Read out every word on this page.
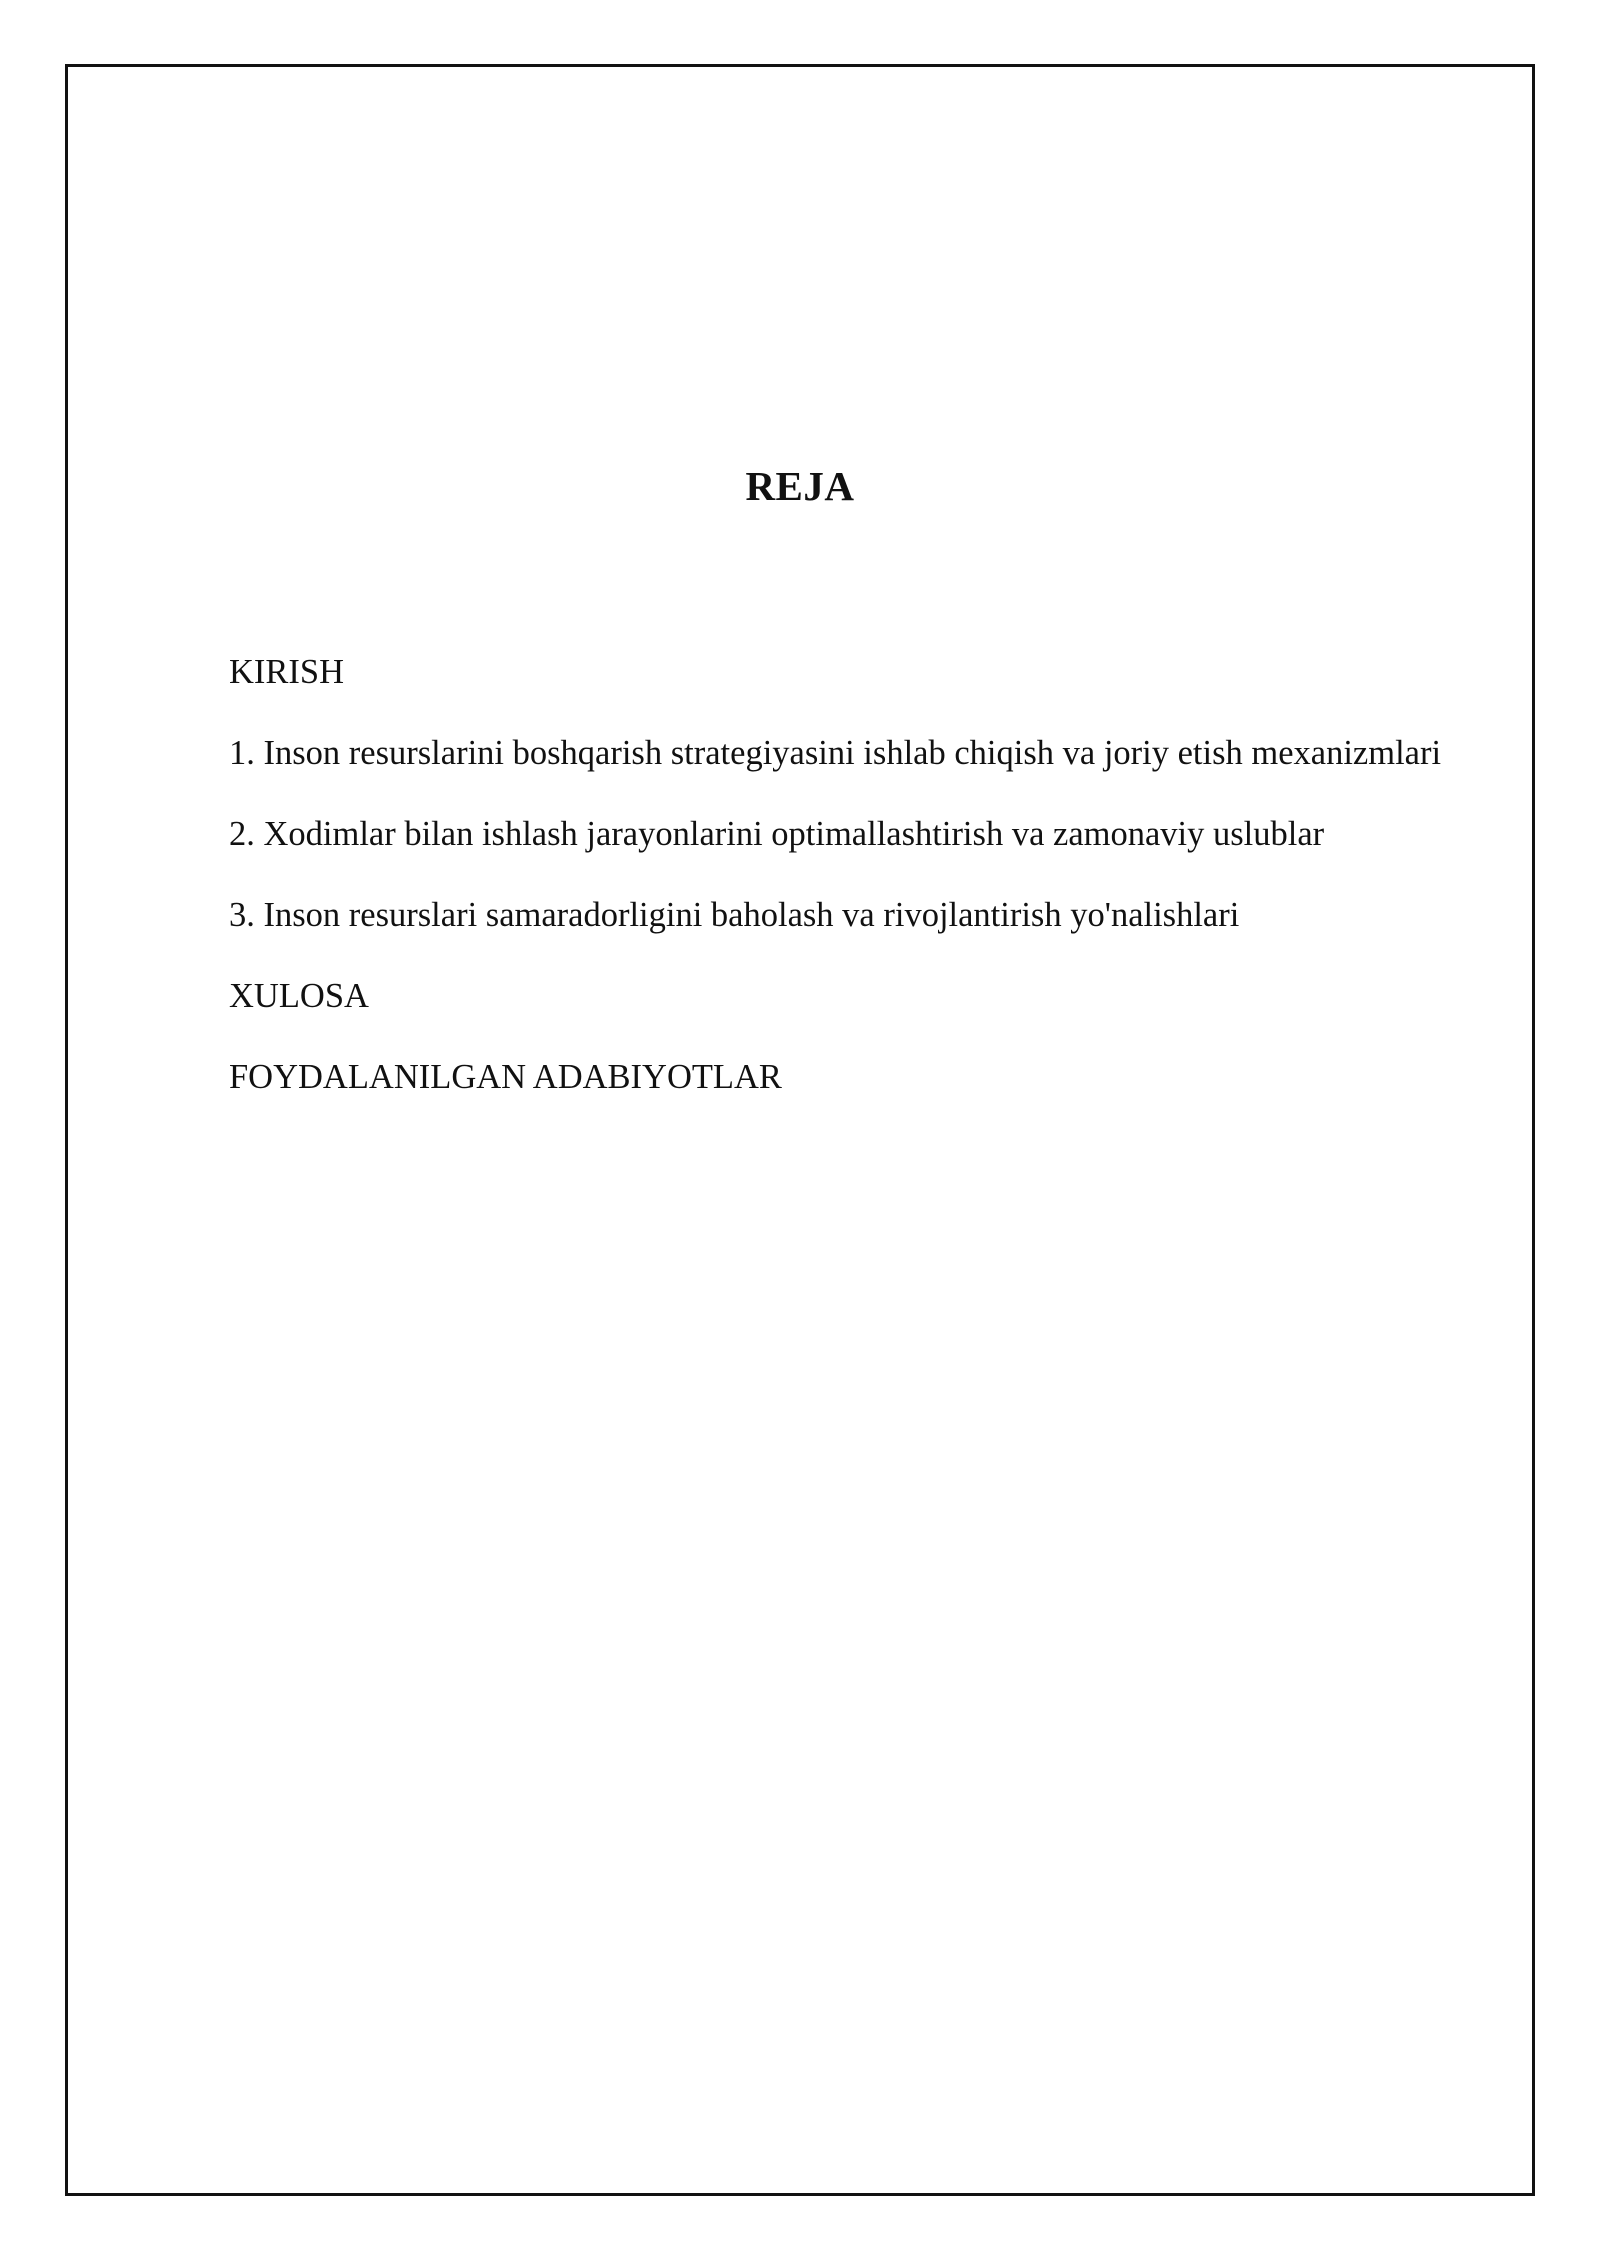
REJA
KIRISH
1. Inson resurslarini boshqarish strategiyasini ishlab chiqish va joriy etish mexanizmlari
2. Xodimlar bilan ishlash jarayonlarini optimallashtirish va zamonaviy uslublar
3. Inson resurslari samaradorligini baholash va rivojlantirish yo'nalishlari
XULOSA
FOYDALANILGAN ADABIYOTLAR
